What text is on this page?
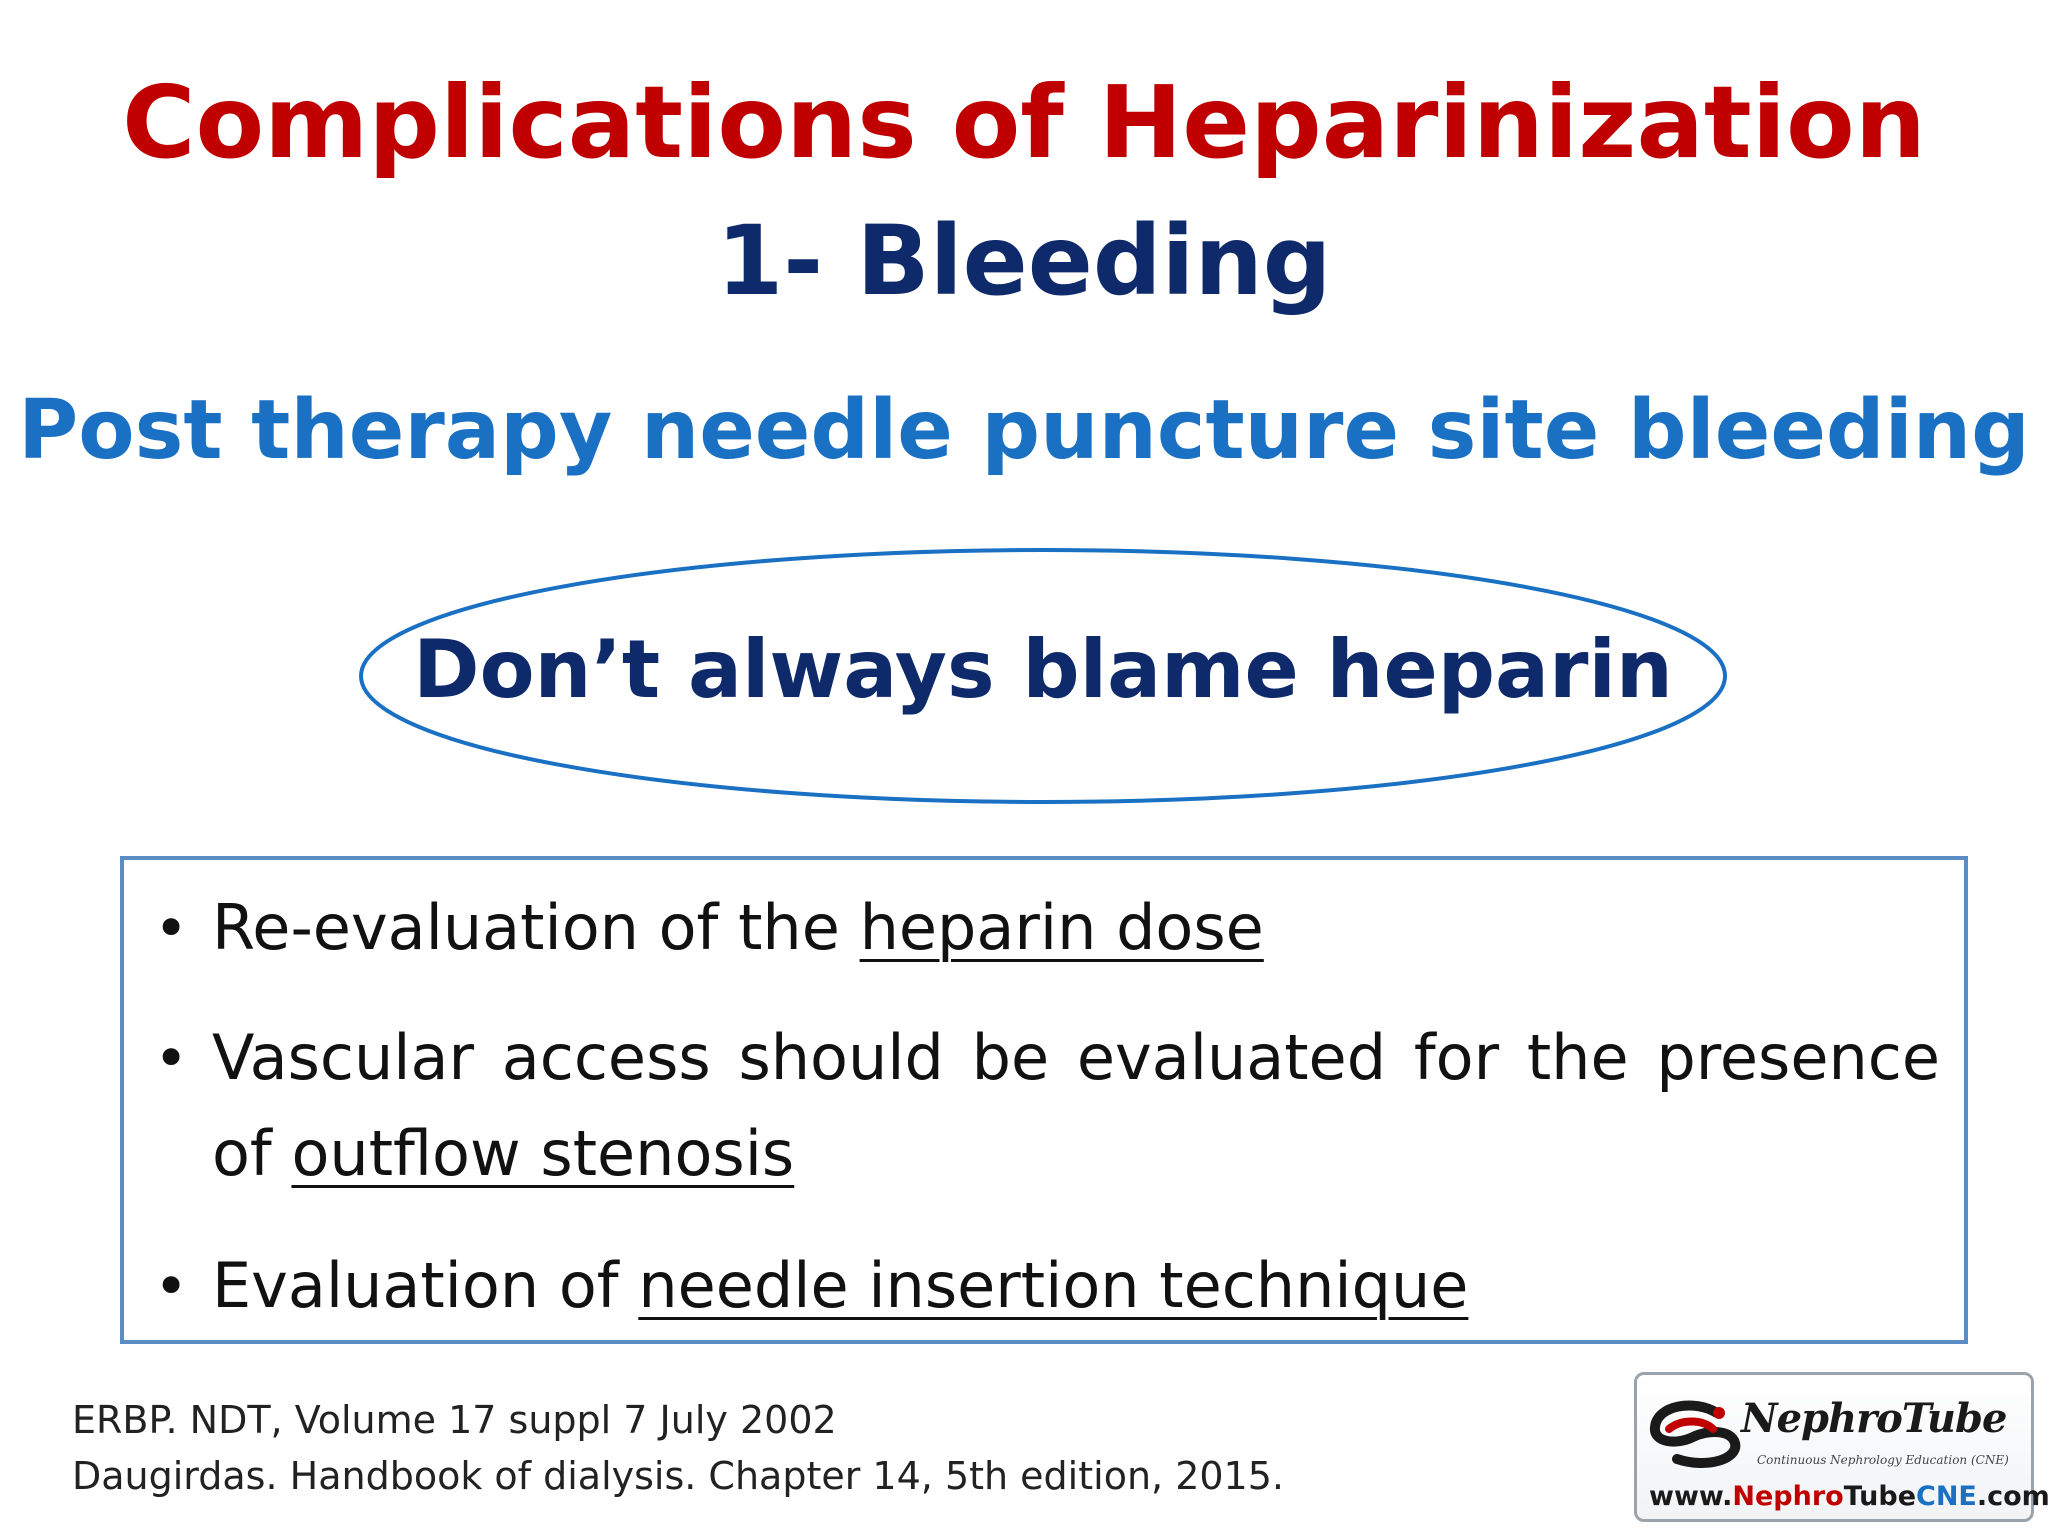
Complications of Heparinization
1- Bleeding
Post therapy needle puncture site bleeding
Don’t always blame heparin
• Re-evaluation of the heparin dose
• Vascular access should be evaluated for the presence of outflow stenosis
• Evaluation of needle insertion technique
ERBP. NDT, Volume 17 suppl 7 July 2002
Daugirdas. Handbook of dialysis. Chapter 14, 5th edition, 2015.
NephroTube
Continuous Nephrology Education (CNE)
www.NephroTubeCNE.com
